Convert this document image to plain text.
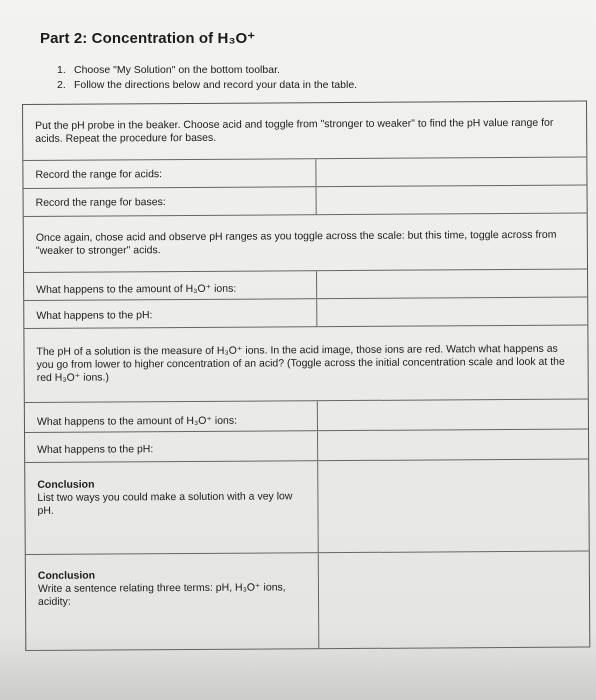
Part 2: Concentration of H₃O⁺
1. Choose "My Solution" on the bottom toolbar.
2. Follow the directions below and record your data in the table.
Put the pH probe in the beaker. Choose acid and toggle from "stronger to weaker" to find the pH value range for acids. Repeat the procedure for bases.
Record the range for acids:
Record the range for bases:
Once again, chose acid and observe pH ranges as you toggle across the scale: but this time, toggle across from "weaker to stronger" acids.
What happens to the amount of H₃O⁺ ions:
What happens to the pH:
The pH of a solution is the measure of H₃O⁺ ions. In the acid image, those ions are red. Watch what happens as you go from lower to higher concentration of an acid? (Toggle across the initial concentration scale and look at the red H₃O⁺ ions.)
What happens to the amount of H₃O⁺ ions:
What happens to the pH:
Conclusion
List two ways you could make a solution with a vey low pH.
Conclusion
Write a sentence relating three terms: pH, H₃O⁺ ions, acidity:
